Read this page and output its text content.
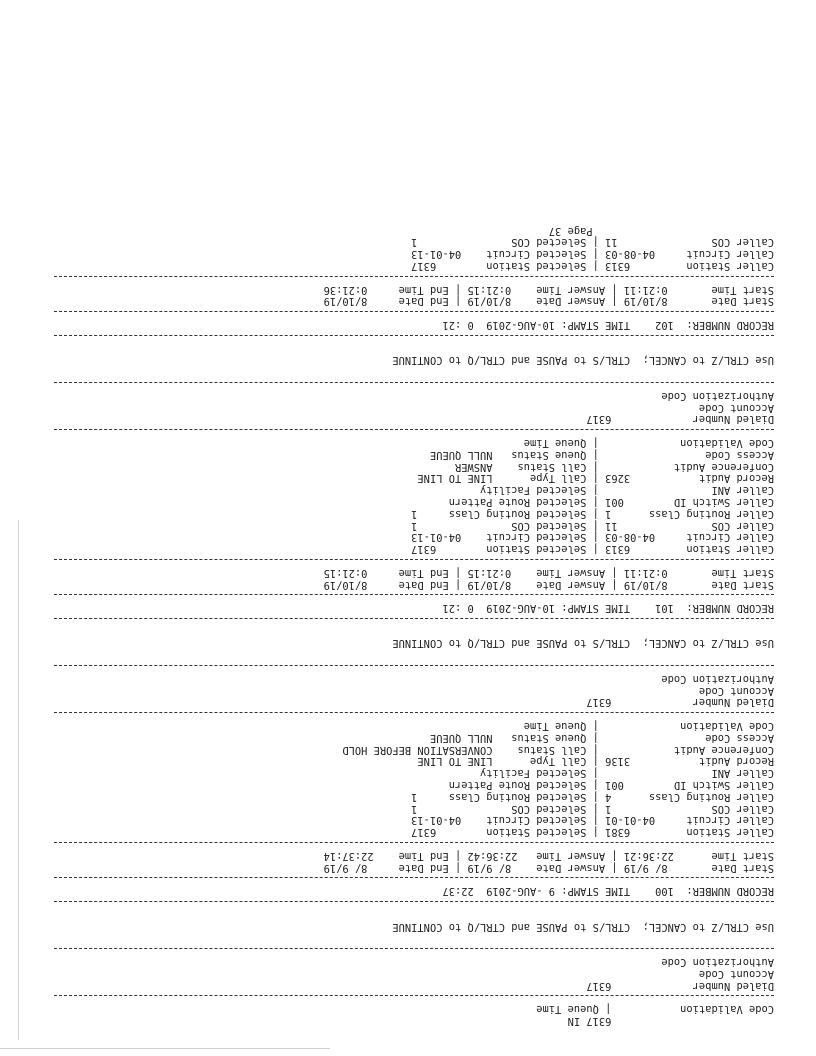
6317 IN
Code Validation           | Queue Time
Dialed Number             6317
Account Code
Authorization Code
Use CTRL/Z to CANCEL;  CTRL/S to PAUSE and CTRL/Q to CONTINUE
RECORD NUMBER:  100    TIME STAMP: 9 -AUG-2019  22:37
Start Date       8/ 9/19 | Answer Date    8/ 9/19 | End Date     8/ 9/19
Start Time      22:36:21 | Answer Time   22:36:42 | End Time    22:37:14
Caller Station         6381 | Selected Station        6317
Caller Circuit     04-01-01 | Selected Circuit    04-01-13
Caller COS                1 | Selected COS               1
Caller Routing Class      4 | Selected Routing Class     1
Caller Switch ID        001 | Selected Route Pattern
Caller ANI                  | Selected Facility
Record Audit           3136 | Call Type      LINE TO LINE
Conference Audit            | Call Status    CONVERSATION BEFORE HOLD
Access Code                 | Queue Status   NULL QUEUE
Code Validation             | Queue Time
Dialed Number             6317
Account Code
Authorization Code
Use CTRL/Z to CANCEL;  CTRL/S to PAUSE and CTRL/Q to CONTINUE
RECORD NUMBER:  101    TIME STAMP: 10-AUG-2019  0 :21
Start Date       8/10/19 | Answer Date    8/10/19 | End Date     8/10/19
Start Time       0:21:11 | Answer Time    0:21:15 | End Time     0:21:15
Caller Station         6313 | Selected Station        6317
Caller Circuit     04-08-03 | Selected Circuit    04-01-13
Caller COS               11 | Selected COS               1
Caller Routing Class      1 | Selected Routing Class     1
Caller Switch ID        001 | Selected Route Pattern
Caller ANI                  | Selected Facility
Record Audit           3263 | Call Type      LINE TO LINE
Conference Audit            | Call Status    ANSWER
Access Code                 | Queue Status   NULL QUEUE
Code Validation             | Queue Time
Dialed Number             6317
Account Code
Authorization Code
Use CTRL/Z to CANCEL;  CTRL/S to PAUSE and CTRL/Q to CONTINUE
RECORD NUMBER:  102    TIME STAMP: 10-AUG-2019  0 :21
Start Date       8/10/19 | Answer Date    8/10/19 | End Date     8/10/19
Start Time       0:21:11 | Answer Time    0:21:15 | End Time     0:21:36
Caller Station         6313 | Selected Station        6317
Caller Circuit     04-08-03 | Selected Circuit    04-01-13
Caller COS               11 | Selected COS               1
Page 37
